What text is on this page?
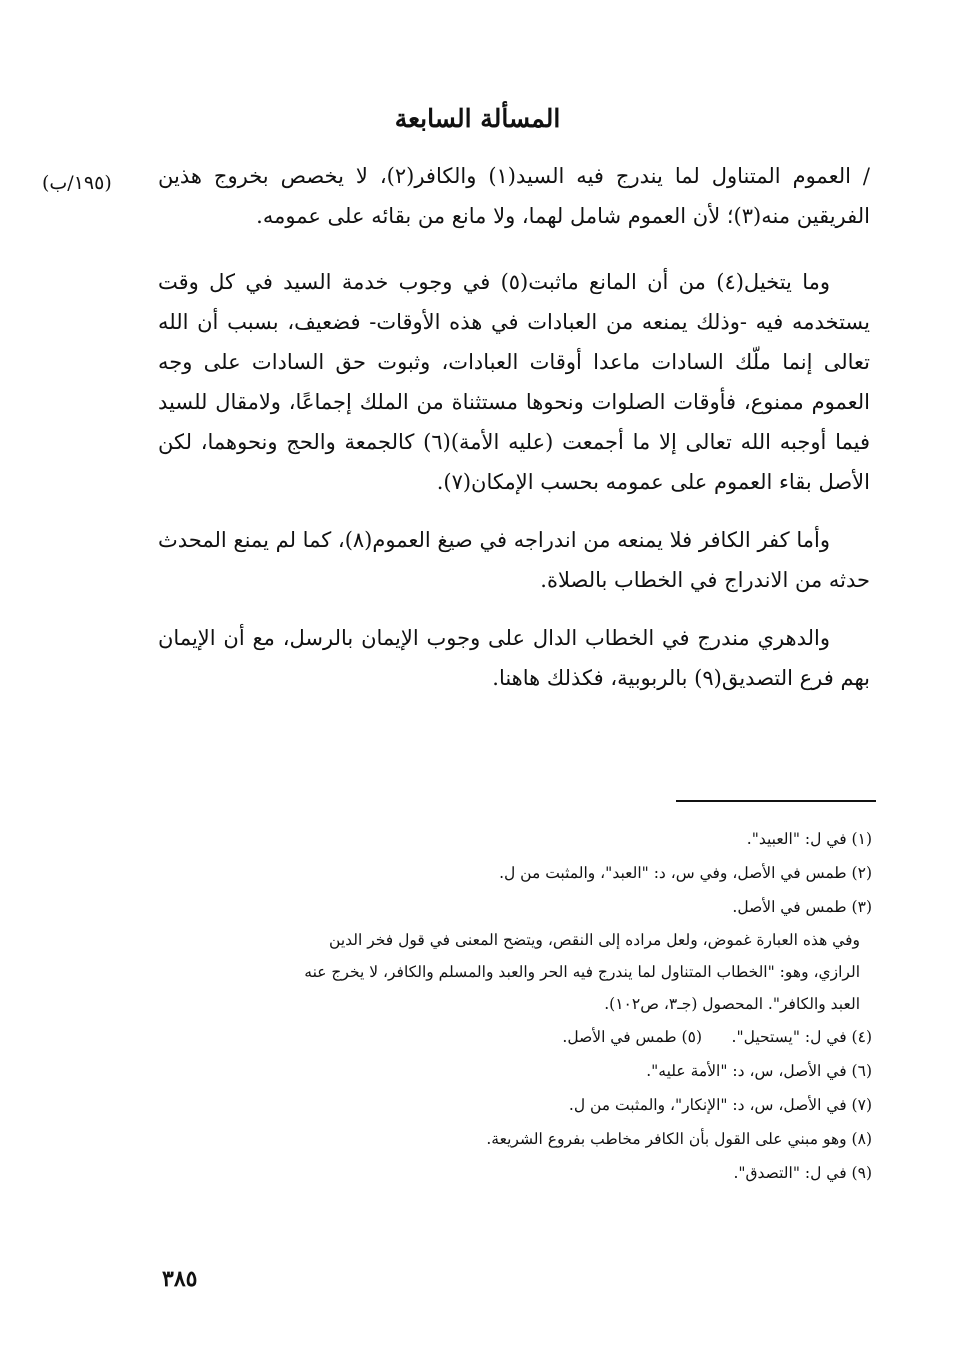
المسألة السابعة
(١٩٥/ب) / العموم المتناول لما يندرج فيه السيد(١) والكافر(٢)، لا يخصص بخروج هذين الفريقين منه(٣)؛ لأن العموم شامل لهما، ولا مانع من بقائه على عمومه.

وما يتخيل(٤) من أن المانع ماثبت(٥) في وجوب خدمة السيد في كل وقت يستخدمه فيه -وذلك يمنعه من العبادات في هذه الأوقات- فضعيف، بسبب أن الله تعالى إنما ملّك السادات ماعدا أوقات العبادات، وثبوت حق السادات على وجه العموم ممنوع، فأوقات الصلوات ونحوها مستثناة من الملك إجماعًا، ولامقال للسيد فيما أوجبه الله تعالى إلا ما أجمعت (عليه الأمة)(٦) كالجمعة والحج ونحوهما، لكن الأصل بقاء العموم على عمومه بحسب الإمكان(٧).

وأما كفر الكافر فلا يمنعه من اندراجه في صيغ العموم(٨)، كما لم يمنع المحدث حدثه من الاندراج في الخطاب بالصلاة.

والدهري مندرج في الخطاب الدال على وجوب الإيمان بالرسل، مع أن الإيمان بهم فرع التصديق(٩) بالربوبية، فكذلك هاهنا.

(١) في ل: "العبيد".
(٢) طمس في الأصل، وفي س، د: "العبد"، والمثبت من ل.
(٣) طمس في الأصل.
وفي هذه العبارة غموض، ولعل مراده إلى النقص، ويتضح المعنى في قول فخر الدين الرازي، وهو: "الخطاب المتناول لما يندرج فيه الحر والعبد والمسلم والكافر، لا يخرج عنه العبد والكافر". المحصول (جـ٣، ص١٠٢).
(٤) في ل: "يستحيل".
(٥) طمس في الأصل.
(٦) في الأصل، س، د: "الأمة عليه".
(٧) في الأصل، س، د: "الإنكار"، والمثبت من ل.
(٨) وهو مبني على القول بأن الكافر مخاطب بفروع الشريعة.
(٩) في ل: "التصدق".
٣٨٥
